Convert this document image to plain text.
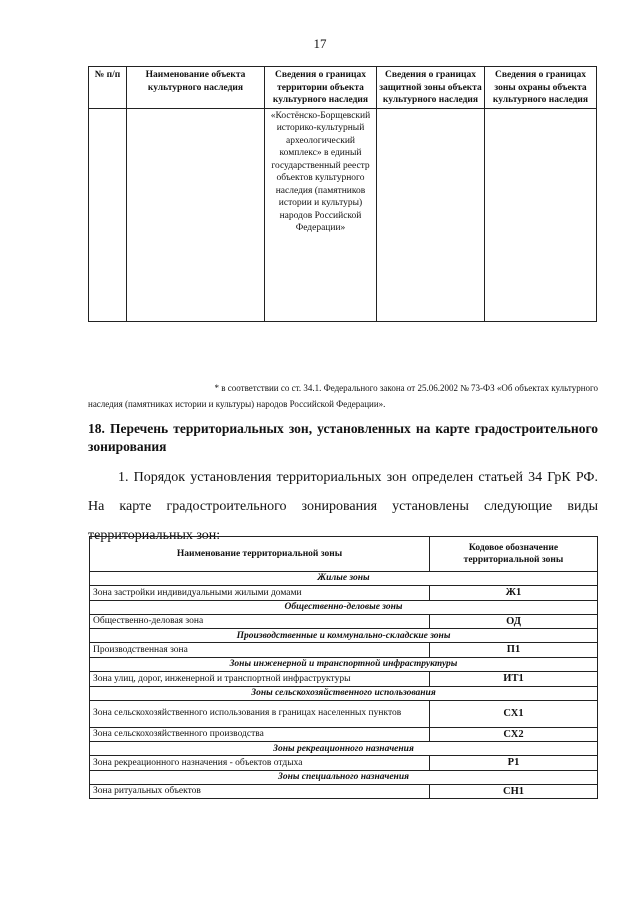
17
№ п/п	Наименование объекта культурного наследия	Сведения о границах территории объекта культурного наследия	Сведения о границах защитной зоны объекта культурного наследия	Сведения о границах зоны охраны объекта культурного наследия
		«Костёнско-Борщевский историко-культурный археологический комплекс» в единый государственный реестр объектов культурного наследия (памятников истории и культуры) народов Российской Федерации»		
* в соответствии со ст. 34.1. Федерального закона от 25.06.2002 № 73-ФЗ «Об объектах культурного
наследия (памятниках истории и культуры) народов Российской Федерации».
18. Перечень территориальных зон, установленных на карте градостроительного зонирования
1. Порядок установления территориальных зон определен статьей 34 ГрК РФ. На карте градостроительного зонирования установлены следующие виды территориальных зон:
Наименование территориальной зоны	Кодовое обозначение территориальной зоны
Жилые зоны	
Зона застройки индивидуальными жилыми домами	Ж1
Общественно-деловые зоны	
Общественно-деловая зона	ОД
Производственные и коммунально-складские зоны	
Производственная зона	П1
Зоны инженерной и транспортной инфраструктуры	
Зона улиц, дорог, инженерной и транспортной инфраструктуры	ИТ1
Зоны сельскохозяйственного использования	
Зона сельскохозяйственного использования в границах населенных пунктов	СХ1
Зона сельскохозяйственного производства	СХ2
Зоны рекреационного назначения	
Зона рекреационного назначения - объектов отдыха	Р1
Зоны специального назначения	
Зона ритуальных объектов	СН1
